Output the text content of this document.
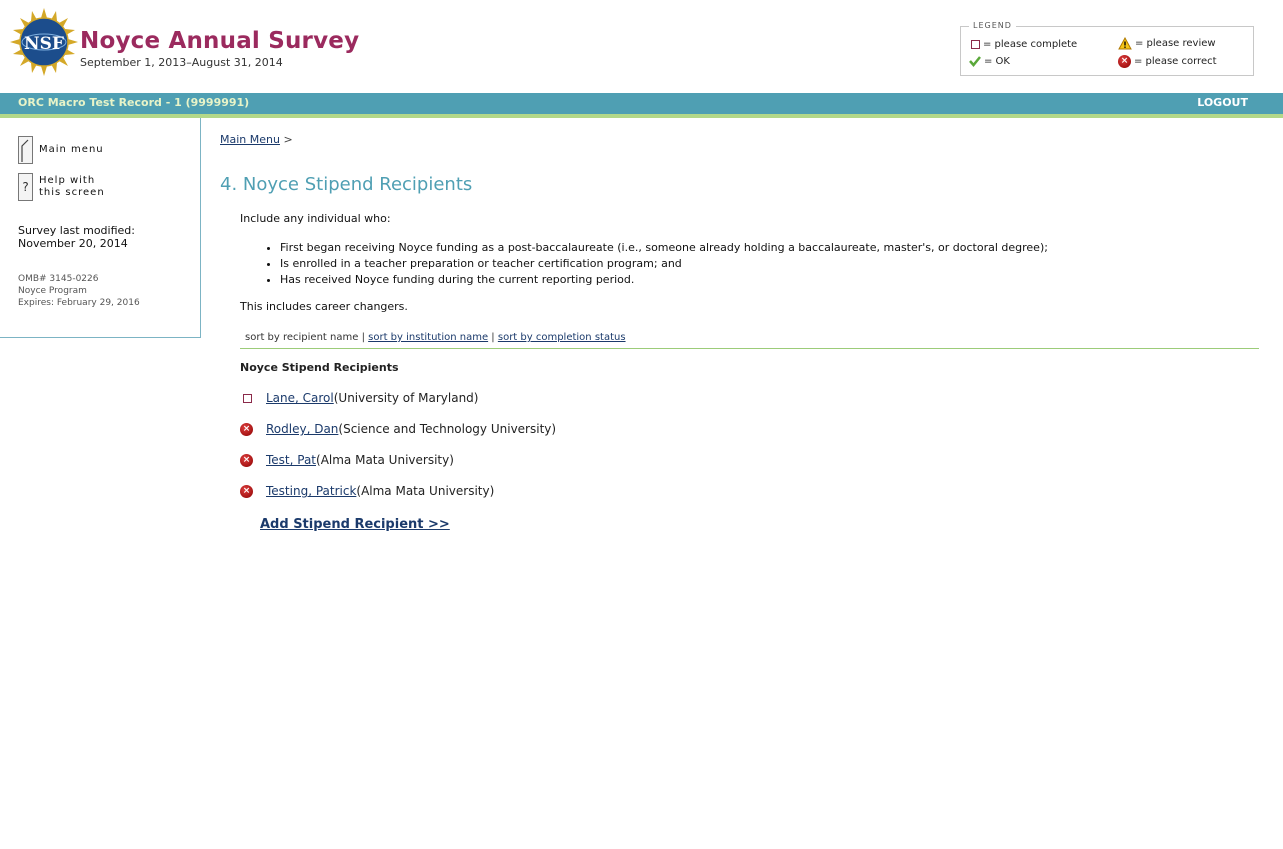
NSF Noyce Annual Survey
September 1, 2013–August 31, 2014
LEGEND
= please complete
= OK
= please review
× = please correct
ORC Macro Test Record - 1 (9999991)	LOGOUT
Main menu
? Help with
this screen
Survey last modified:
November 20, 2014
OMB# 3145-0226
Noyce Program
Expires: February 29, 2016
Main Menu >
4. Noyce Stipend Recipients
Include any individual who:
• First began receiving Noyce funding as a post-baccalaureate (i.e., someone already holding a baccalaureate, master's, or doctoral degree);
• Is enrolled in a teacher preparation or teacher certification program; and
• Has received Noyce funding during the current reporting period.
This includes career changers.
sort by recipient name | sort by institution name | sort by completion status
Noyce Stipend Recipients
Lane, Carol (University of Maryland)
× Rodley, Dan (Science and Technology University)
× Test, Pat (Alma Mata University)
× Testing, Patrick (Alma Mata University)
Add Stipend Recipient >>
